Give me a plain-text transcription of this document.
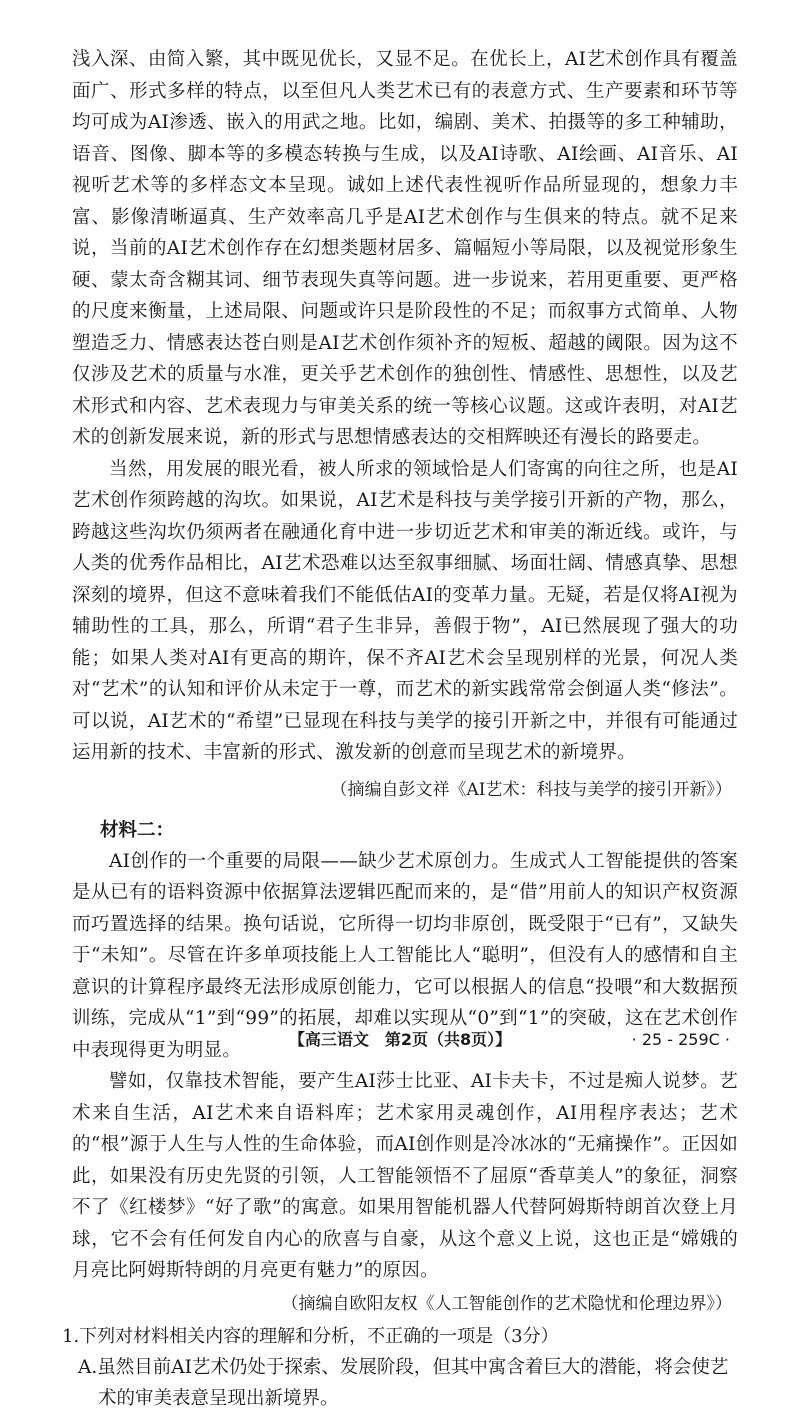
浅入深、由简入繁，其中既见优长，又显不足。在优长上，AI艺术创作具有覆盖面广、形式多样的特点，以至但凡人类艺术已有的表意方式、生产要素和环节等均可成为AI渗透、嵌入的用武之地。比如，编剧、美术、拍摄等的多工种辅助，语音、图像、脚本等的多模态转换与生成，以及AI诗歌、AI绘画、AI音乐、AI视听艺术等的多样态文本呈现。诚如上述代表性视听作品所显现的，想象力丰富、影像清晰逼真、生产效率高几乎是AI艺术创作与生俱来的特点。就不足来说，当前的AI艺术创作存在幻想类题材居多、篇幅短小等局限，以及视觉形象生硬、蒙太奇含糊其词、细节表现失真等问题。进一步说来，若用更重要、更严格的尺度来衡量，上述局限、问题或许只是阶段性的不足；而叙事方式简单、人物塑造乏力、情感表达苍白则是AI艺术创作须补齐的短板、超越的阈限。因为这不仅涉及艺术的质量与水准，更关乎艺术创作的独创性、情感性、思想性，以及艺术形式和内容、艺术表现力与审美关系的统一等核心议题。这或许表明，对AI艺术的创新发展来说，新的形式与思想情感表达的交相辉映还有漫长的路要走。

当然，用发展的眼光看，被人所求的领域恰是人们寄寓的向往之所，也是AI艺术创作须跨越的沟坎。如果说，AI艺术是科技与美学接引开新的产物，那么，跨越这些沟坎仍须两者在融通化育中进一步切近艺术和审美的渐近线。或许，与人类的优秀作品相比，AI艺术恐难以达至叙事细腻、场面壮阔、情感真挚、思想深刻的境界，但这不意味着我们不能低估AI的变革力量。无疑，若是仅将AI视为辅助性的工具，那么，所谓“君子生非异，善假于物”，AI已然展现了强大的功能；如果人类对AI有更高的期许，保不齐AI艺术会呈现别样的光景，何况人类对“艺术”的认知和评价从未定于一尊，而艺术的新实践常常会倒逼人类“修法”。可以说，AI艺术的“希望”已显现在科技与美学的接引开新之中，并很有可能通过运用新的技术、丰富新的形式、激发新的创意而呈现艺术的新境界。

（摘编自彭文祥《AI艺术：科技与美学的接引开新》）

材料二：

AI创作的一个重要的局限——缺少艺术原创力。生成式人工智能提供的答案是从已有的语料资源中依据算法逻辑匹配而来的，是“借”用前人的知识产权资源而巧置选择的结果。换句话说，它所得一切均非原创，既受限于“已有”，又缺失于“未知”。尽管在许多单项技能上人工智能比人“聪明”，但没有人的感情和自主意识的计算程序最终无法形成原创能力，它可以根据人的信息“投喂”和大数据预训练，完成从“1”到“99”的拓展，却难以实现从“0”到“1”的突破，这在艺术创作中表现得更为明显。

譬如，仅靠技术智能，要产生AI莎士比亚、AI卡夫卡，不过是痴人说梦。艺术来自生活，AI艺术来自语料库；艺术家用灵魂创作，AI用程序表达；艺术的“根”源于人生与人性的生命体验，而AI创作则是冷冰冰的“无痛操作”。正因如此，如果没有历史先贤的引领，人工智能领悟不了屈原“香草美人”的象征，洞察不了《红楼梦》“好了歌”的寓意。如果用智能机器人代替阿姆斯特朗首次登上月球，它不会有任何发自内心的欣喜与自豪，从这个意义上说，这也正是“嫦娥的月亮比阿姆斯特朗的月亮更有魅力”的原因。

（摘编自欧阳友权《人工智能创作的艺术隐忧和伦理边界》）

1.下列对材料相关内容的理解和分析，不正确的一项是（3分）

A.虽然目前AI艺术仍处于探索、发展阶段，但其中寓含着巨大的潜能，将会使艺术的审美表意呈现出新境界。

【高三语文　第2页（共8页）】	· 25 - 259C ·
